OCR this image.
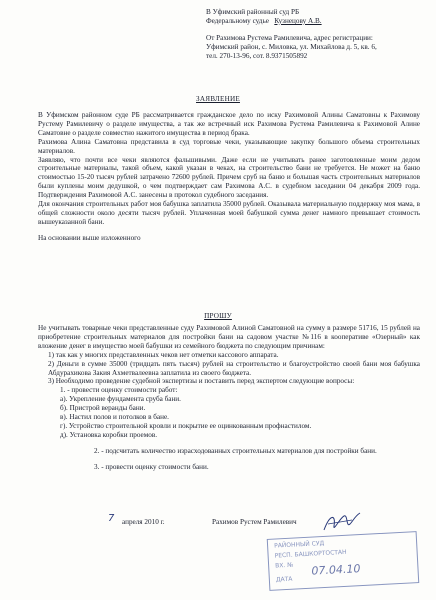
В Уфимский районный суд РБ

Федеральному судье Кузнецову А.В.

От Рахимова Рустема Рамилевича, адрес регистрации:

Уфимский район, с. Миловка, ул. Михайлова д. 5, кв. 6,

тел. 270-13-96, сот. 8.9371505892

ЗАЯВЛЕНИЕ

В Уфимском районном суде РБ рассматривается гражданское дело по иску Рахимовой Алины Саматовны к Рахимову Рустему Рамилевичу о разделе имущества, а так же встречный иск Рахимова Рустема Рамилевича к Рахимовой Алине Саматовне о разделе совместно нажитого имущества в период брака.

Рахимова Алина Саматовна представила в суд торговые чеки, указывающие закупку большого объема строительных материалов.

Заявляю, что почти все чеки являются фальшивыми. Даже если не учитывать ранее заготовленные моим дедом строительные материалы, такой объем, какой указан в чеках, на строительство бани не требуется. Не может на баню стоимостью 15-20 тысяч рублей затрачено 72600 рублей. Причем сруб на баню и большая часть строительных материалов были куплены моим дедушкой, о чем подтверждает сам Рахимова А.С. в судебном заседании 04 декабря 2009 года. Подтверждения Рахимовой А.С. занесены в протокол судебного заседания.

Для окончания строительных работ моя бабушка заплатила 35000 рублей. Оказывала материальную поддержку моя мама, в общей сложности около десяти тысяч рублей. Уплаченная моей бабушкой сумма денег намного превышает стоимость вышеуказанной бани.

На основании выше изложенного

ПРОШУ

Не учитывать товарные чеки представленные суду Рахимовой Алиной Саматовной на сумму в размере 51716, 15 рублей на приобретение строительных материалов для постройки бани на садовом участке №116 в кооперативе «Озерный» как вложение денег в имущество моей бабушки из семейного бюджета по следующим причинам:

1) так как у многих представленных чеков нет отметки кассового аппарата.

2) Деньги в сумме 35000 (тридцать пять тысяч) рублей на строительство и благоустройство своей бани моя бабушка Абдурахикова Закия Ахметвалеевна заплатила из своего бюджета.

3) Необходимо проведение судебной экспертизы и поставить перед экспертом следующие вопросы:

1. - провести оценку стоимости работ:

а). Укрепление фундамента сруба бани.

б). Пристрой веранды бани.

в). Настил полов и потолков в бане.

г). Устройство строительной кровли и покрытие ее оцинкованным профнастилом.

д). Установка коробки проемов.

2. - подсчитать количество израсходованных строительных материалов для постройки бани.

3. - провести оценку стоимости бани.

7 апреля 2010 г.	Рахимов Рустем Рамилевич
РАЙОННЫЙ СУД
РЕСП. БАШКОРТОСТАН
ВХ. №
ДАТА
07.04.10
